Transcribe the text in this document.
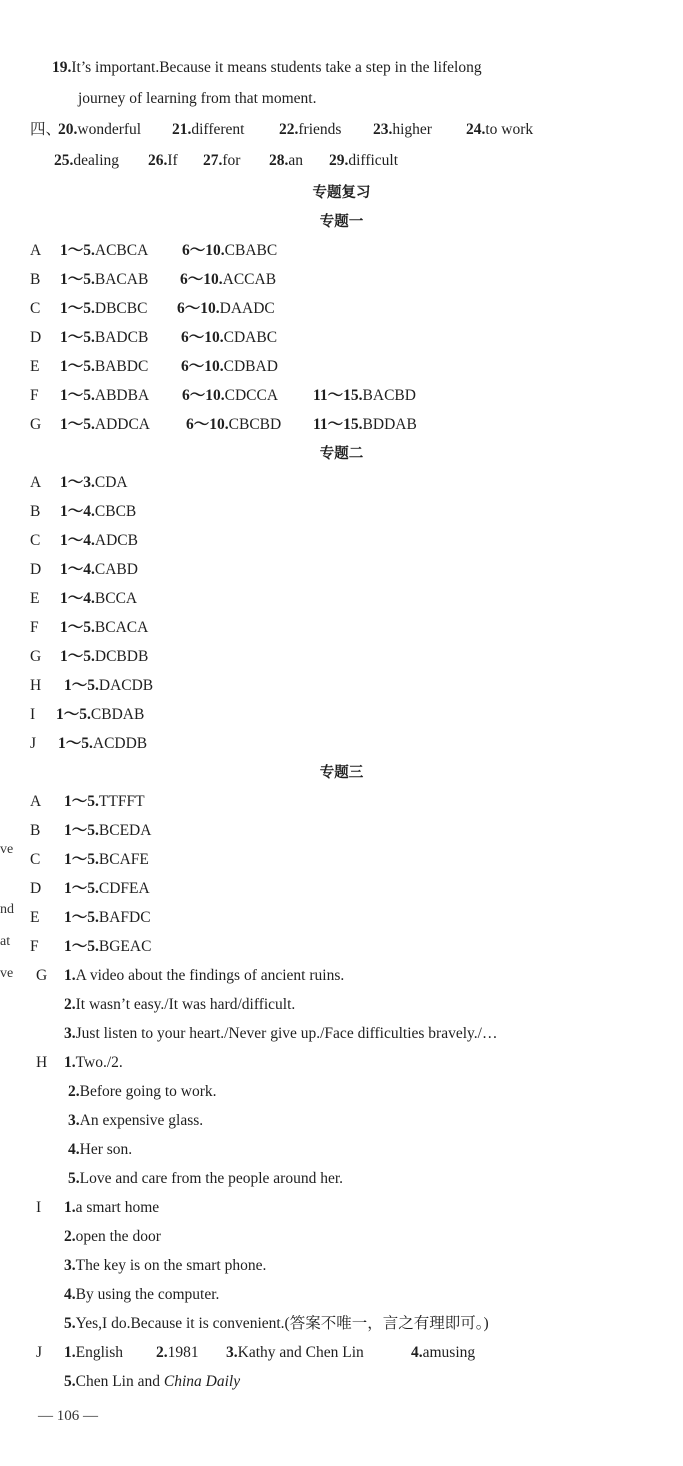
ve
nd
at
ve
19.It’s important.Because it means students take a step in the lifelong
journey of learning from that moment.
四、
20.wonderful 21.different 22.friends 23.higher 24.to work
25.dealing 26.If 27.for 28.an 29.difficult
专题复习
专题一
A	1～5.ACBCA 6～10.CBABC
B	1～5.BACAB 6～10.ACCAB
C	1～5.DBCBC 6～10.DAADC
D	1～5.BADCB 6～10.CDABC
E	1～5.BABDC 6～10.CDBAD
F	1～5.ABDBA 6～10.CDCCA 11～15.BACBD
G	1～5.ADDCA 6～10.CBCBD 11～15.BDDAB
专题二
A	1～3.CDA
B	1～4.CBCB
C	1～4.ADCB
D	1～4.CABD
E	1～4.BCCA
F	1～5.BCACA
G	1～5.DCBDB
H	1～5.DACDB
I	1～5.CBDAB
J	1～5.ACDDB
专题三
A	1～5.TTFFT
B	1～5.BCEDA
C	1～5.BCAFE
D	1～5.CDFEA
E	1～5.BAFDC
F	1～5.BGEAC
G 1.A video about the findings of ancient ruins.
2.It wasn’t easy./It was hard/difficult.
3.Just listen to your heart./Never give up./Face difficulties bravely./…
H 1.Two./2.
2.Before going to work.
3.An expensive glass.
4.Her son.
5.Love and care from the people around her.
I 1.a smart home
2.open the door
3.The key is on the smart phone.
4.By using the computer.
5.Yes,I do.Because it is convenient.(答案不唯一，言之有理即可。)
J 1.English 2.1981 3.Kathy and Chen Lin	4.amusing
5.Chen Lin and China Daily
— 106 —
